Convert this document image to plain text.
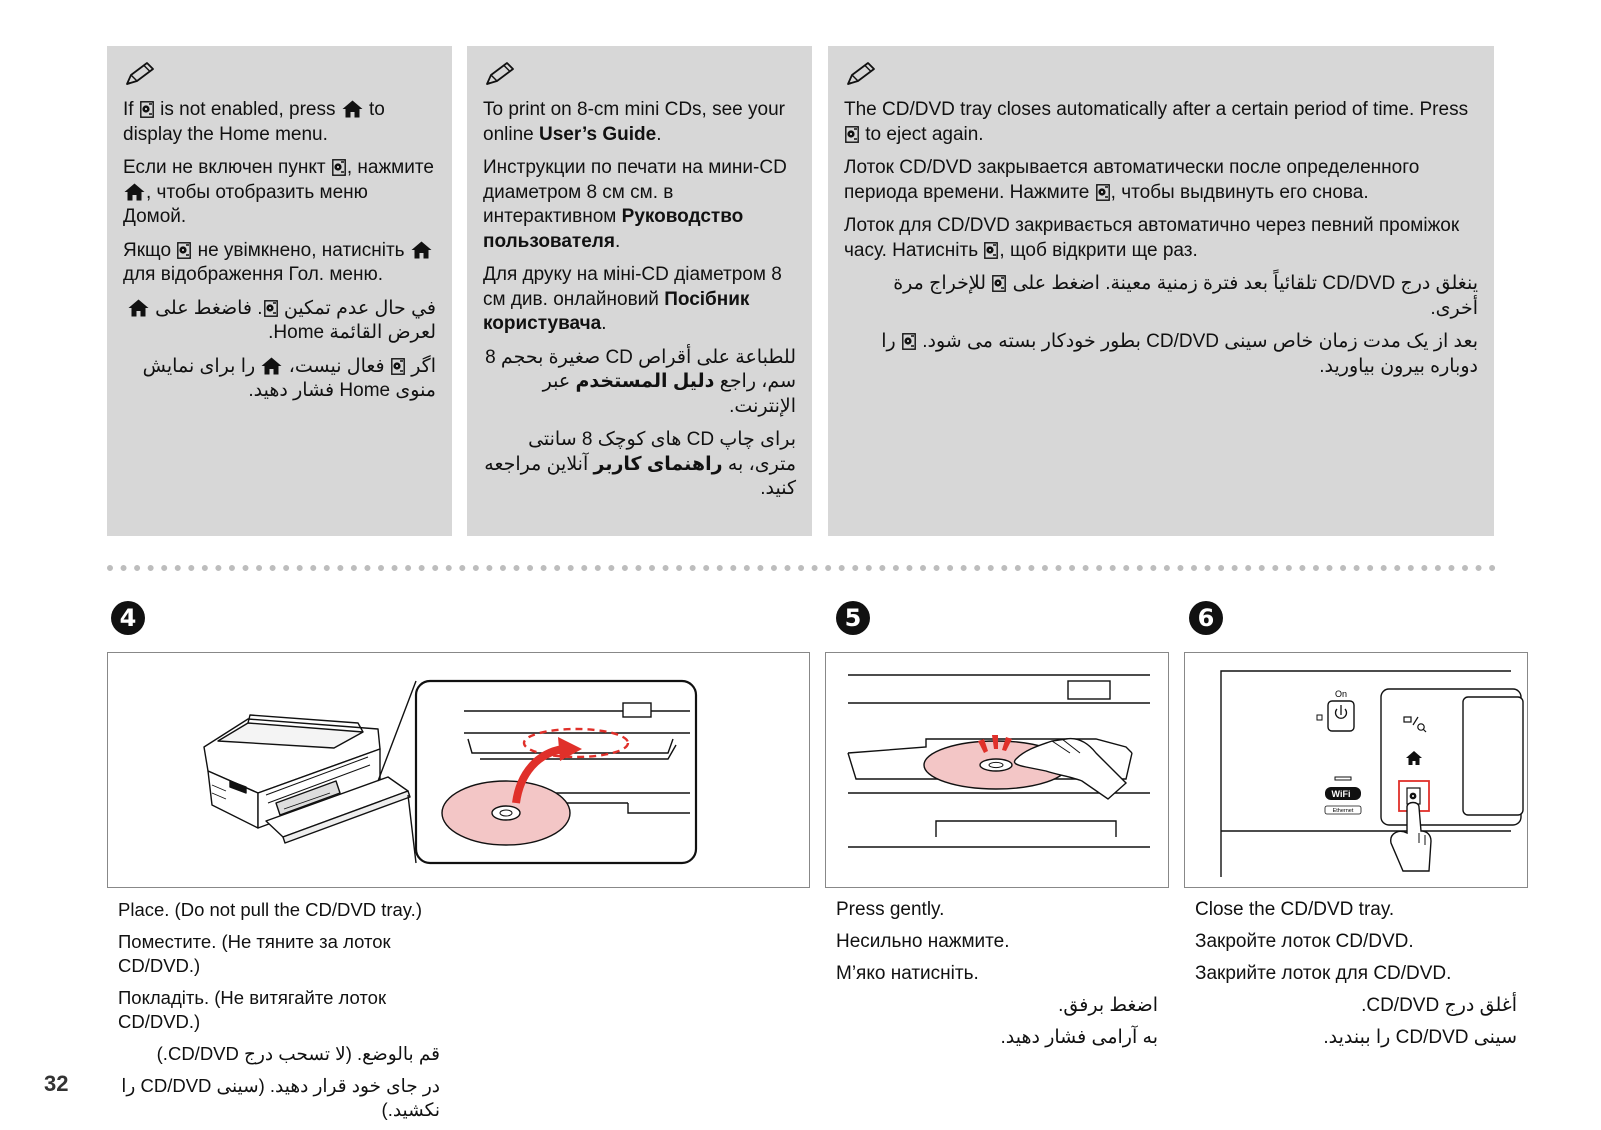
If is not enabled, press to display the Home menu.

Если не включен пункт , нажмите
, чтобы отобразить меню Домой.

Якщо не увімкнено, натисніть
для відображення Гол. меню.

في حال عدم تمكين
. فاضغط على
لعرض القائمة Home.

اگر
فعال نیست،
را برای نمایش منوی Home فشار دهید.

To print on 8-cm mini CDs, see your online User’s Guide.

Инструкции по печати на мини-CD диаметром 8 см см. в интерактивном Руководство пользователя.

Для друку на міні-CD діаметром 8 см див. онлайновий Посібник користувача.

للطباعة على أقراص CD صغيرة بحجم 8 سم، راجع دليل المستخدم عبر الإنترنت.

برای چاپ CD های کوچک 8 سانتی متری، به راهنمای کاربر آنلاین مراجعه کنید.

The CD/DVD tray closes automatically after a certain period of time. Press
to eject again.

Лоток CD/DVD закрывается автоматически после определенного периода времени. Нажмите , чтобы выдвинуть его снова.

Лоток для CD/DVD закривається автоматично через певний проміжок часу. Натисніть , щоб відкрити ще раз.

ينغلق درج CD/DVD تلقائياً بعد فترة زمنية معينة. اضغط على
للإخراج مرة أخرى.

بعد از یک مدت زمان خاص سینی CD/DVD بطور خودکار بسته می شود.
را دوباره بیرون بیاورید.

4	5	6
On
WiFi
Ethernet

Place. (Do not pull the CD/DVD tray.)

Поместите. (Не тяните за лоток CD/DVD.)

Покладіть. (Не витягайте лоток CD/DVD.)

قم بالوضع. (لا تسحب درج CD/DVD.)

در جای خود قرار دهید. (سینی CD/DVD را نکشید.)

Press gently.

Несильно нажмите.

М’яко натисніть.

اضغط برفق.

به آرامی فشار دهید.

Close the CD/DVD tray.

Закройте лоток CD/DVD.

Закрийте лоток для CD/DVD.

أغلق درج CD/DVD.

سینی CD/DVD را ببندید.

32
